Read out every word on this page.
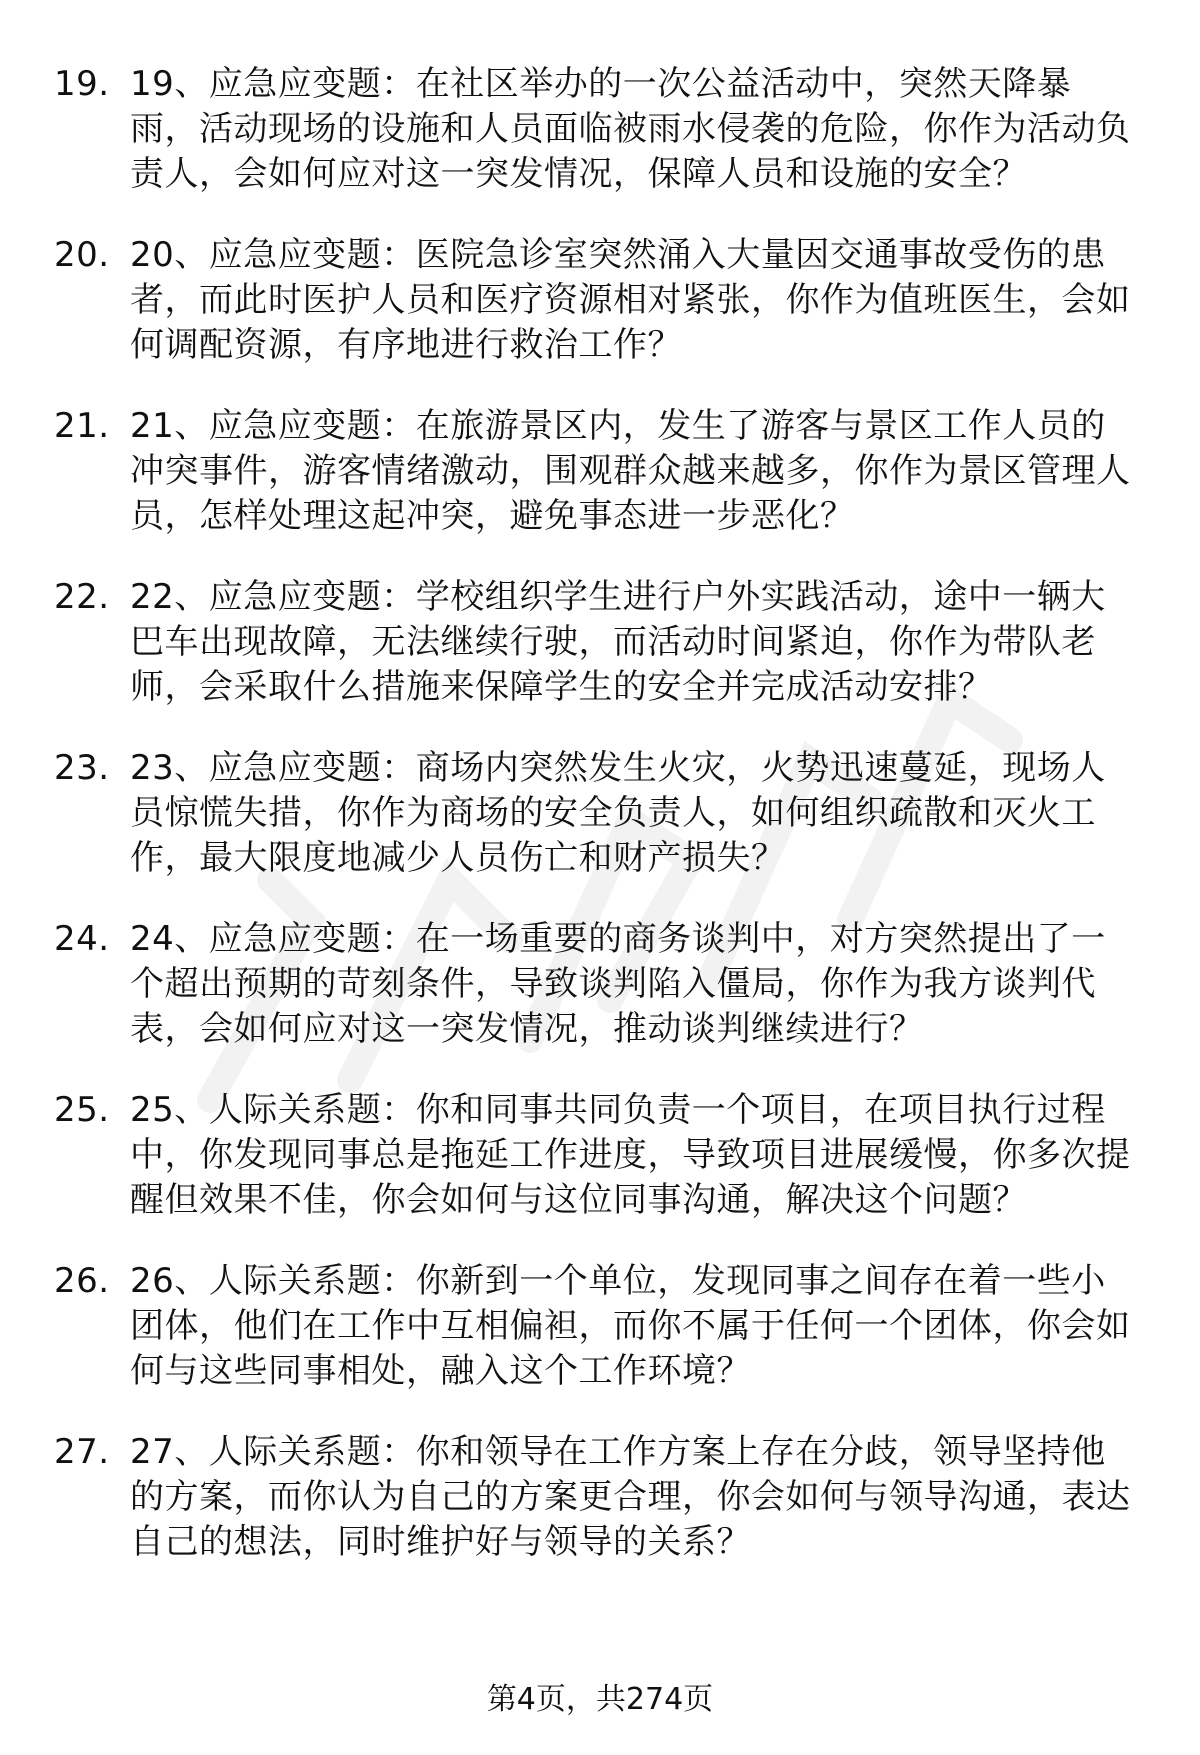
19. 19、应急应变题：在社区举办的一次公益活动中，突然天降暴雨，活动现场的设施和人员面临被雨水侵袭的危险，你作为活动负责人，会如何应对这一突发情况，保障人员和设施的安全？
20. 20、应急应变题：医院急诊室突然涌入大量因交通事故受伤的患者，而此时医护人员和医疗资源相对紧张，你作为值班医生，会如何调配资源，有序地进行救治工作？
21. 21、应急应变题：在旅游景区内，发生了游客与景区工作人员的冲突事件，游客情绪激动，围观群众越来越多，你作为景区管理人员，怎样处理这起冲突，避免事态进一步恶化？
22. 22、应急应变题：学校组织学生进行户外实践活动，途中一辆大巴车出现故障，无法继续行驶，而活动时间紧迫，你作为带队老师，会采取什么措施来保障学生的安全并完成活动安排？
23. 23、应急应变题：商场内突然发生火灾，火势迅速蔓延，现场人员惊慌失措，你作为商场的安全负责人，如何组织疏散和灭火工作，最大限度地减少人员伤亡和财产损失？
24. 24、应急应变题：在一场重要的商务谈判中，对方突然提出了一个超出预期的苛刻条件，导致谈判陷入僵局，你作为我方谈判代表，会如何应对这一突发情况，推动谈判继续进行？
25. 25、人际关系题：你和同事共同负责一个项目，在项目执行过程中，你发现同事总是拖延工作进度，导致项目进展缓慢，你多次提醒但效果不佳，你会如何与这位同事沟通，解决这个问题？
26. 26、人际关系题：你新到一个单位，发现同事之间存在着一些小团体，他们在工作中互相偏袒，而你不属于任何一个团体，你会如何与这些同事相处，融入这个工作环境？
27. 27、人际关系题：你和领导在工作方案上存在分歧，领导坚持他的方案，而你认为自己的方案更合理，你会如何与领导沟通，表达自己的想法，同时维护好与领导的关系？
第4页，共274页
